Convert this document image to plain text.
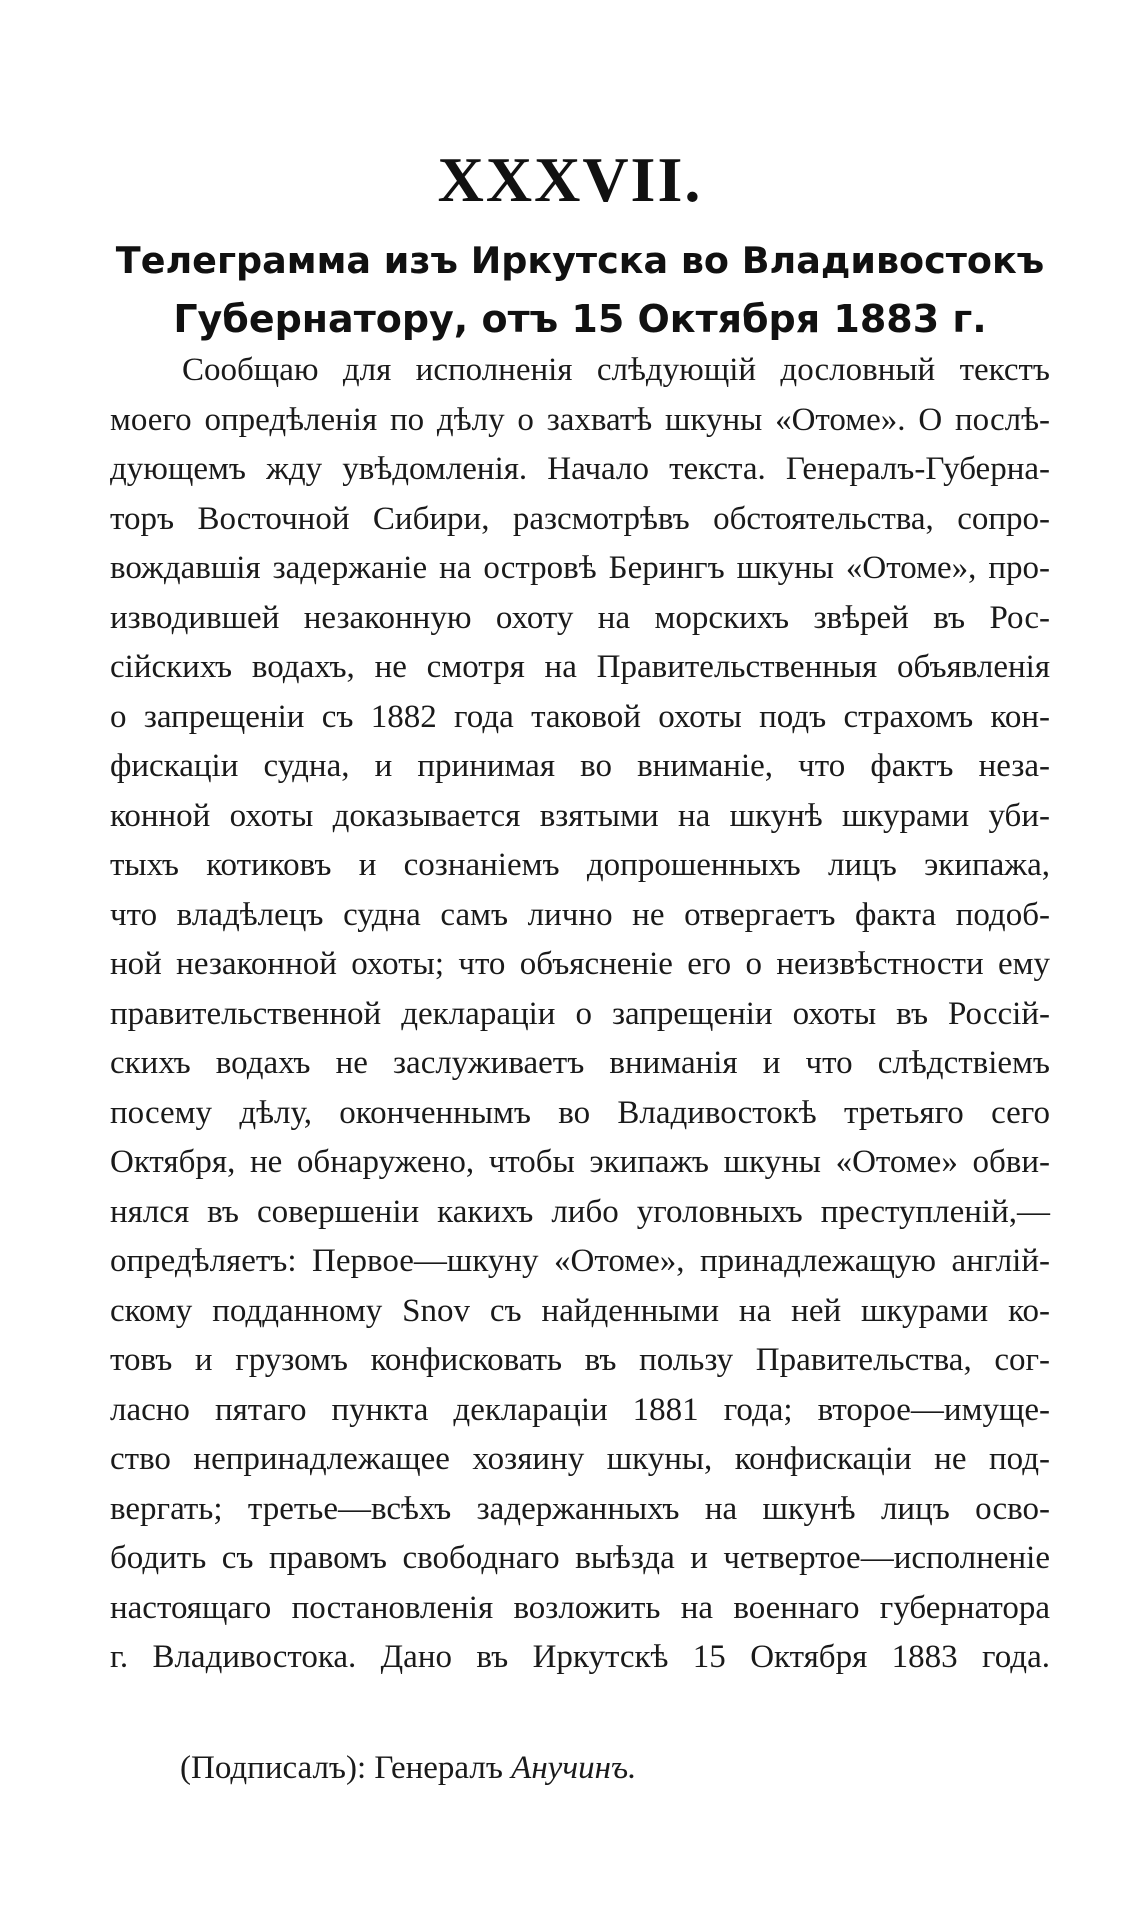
XXXVII.
Телеграмма изъ Иркутска во Владивостокъ
Губернатору, отъ 15 Октября 1883 г.
Сообщаю для исполненія слѣдующій дословный текстъ
моего опредѣленія по дѣлу о захватѣ шкуны «Отоме». О послѣ-
дующемъ жду увѣдомленія. Начало текста. Генералъ-Губерна-
торъ Восточной Сибири, разсмотрѣвъ обстоятельства, сопро-
вождавшія задержаніе на островѣ Берингъ шкуны «Отоме», про-
изводившей незаконную охоту на морскихъ звѣрей въ Рос-
сійскихъ водахъ, не смотря на Правительственныя объявленія
о запрещеніи съ 1882 года таковой охоты подъ страхомъ кон-
фискаціи судна, и принимая во вниманіе, что фактъ неза-
конной охоты доказывается взятыми на шкунѣ шкурами уби-
тыхъ котиковъ и сознаніемъ допрошенныхъ лицъ экипажа,
что владѣлецъ судна самъ лично не отвергаетъ факта подоб-
ной незаконной охоты; что объясненіе его о неизвѣстности ему
правительственной декларацiи о запрещеніи охоты въ Россій-
скихъ водахъ не заслуживаетъ вниманія и что слѣдствіемъ
посему дѣлу, оконченнымъ во Владивостокѣ третьяго сего
Октября, не обнаружено, чтобы экипажъ шкуны «Отоме» обви-
нялся въ совершеніи какихъ либо уголовныхъ преступленій,—
опредѣляетъ: Первое—шкуну «Отоме», принадлежащую англій-
скому подданному Snov съ найденными на ней шкурами ко-
товъ и грузомъ конфисковать въ пользу Правительства, сог-
ласно пятаго пункта декларацiи 1881 года; второе—имуще-
ство непринадлежащее хозяину шкуны, конфискаціи не под-
вергать; третье—всѣхъ задержанныхъ на шкунѣ лицъ осво-
бодить съ правомъ свободнаго выѣзда и четвертое—исполненіе
настоящаго постановленія возложить на военнаго губернатора
г. Владивостока. Дано въ Иркутскѣ 15 Октября 1883 года.
(Подписалъ): Генералъ Анучинъ.
